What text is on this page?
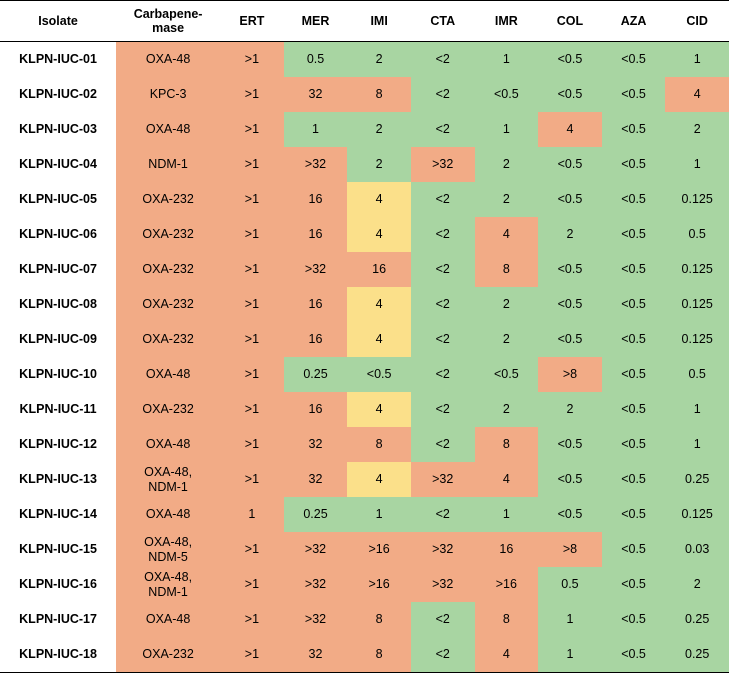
Isolate	Carbapene-
mase	ERT	MER	IMI	CTA	IMR	COL	AZA	CID
KLPN-IUC-01	OXA-48	>1	0.5	2	<2	1	<0.5	<0.5	1
KLPN-IUC-02	KPC-3	>1	32	8	<2	<0.5	<0.5	<0.5	4
KLPN-IUC-03	OXA-48	>1	1	2	<2	1	4	<0.5	2
KLPN-IUC-04	NDM-1	>1	>32	2	>32	2	<0.5	<0.5	1
KLPN-IUC-05	OXA-232	>1	16	4	<2	2	<0.5	<0.5	0.125
KLPN-IUC-06	OXA-232	>1	16	4	<2	4	2	<0.5	0.5
KLPN-IUC-07	OXA-232	>1	>32	16	<2	8	<0.5	<0.5	0.125
KLPN-IUC-08	OXA-232	>1	16	4	<2	2	<0.5	<0.5	0.125
KLPN-IUC-09	OXA-232	>1	16	4	<2	2	<0.5	<0.5	0.125
KLPN-IUC-10	OXA-48	>1	0.25	<0.5	<2	<0.5	>8	<0.5	0.5
KLPN-IUC-11	OXA-232	>1	16	4	<2	2	2	<0.5	1
KLPN-IUC-12	OXA-48	>1	32	8	<2	8	<0.5	<0.5	1
KLPN-IUC-13	OXA-48,
NDM-1	>1	32	4	>32	4	<0.5	<0.5	0.25
KLPN-IUC-14	OXA-48	1	0.25	1	<2	1	<0.5	<0.5	0.125
KLPN-IUC-15	OXA-48,
NDM-5	>1	>32	>16	>32	16	>8	<0.5	0.03
KLPN-IUC-16	OXA-48,
NDM-1	>1	>32	>16	>32	>16	0.5	<0.5	2
KLPN-IUC-17	OXA-48	>1	>32	8	<2	8	1	<0.5	0.25
KLPN-IUC-18	OXA-232	>1	32	8	<2	4	1	<0.5	0.25
